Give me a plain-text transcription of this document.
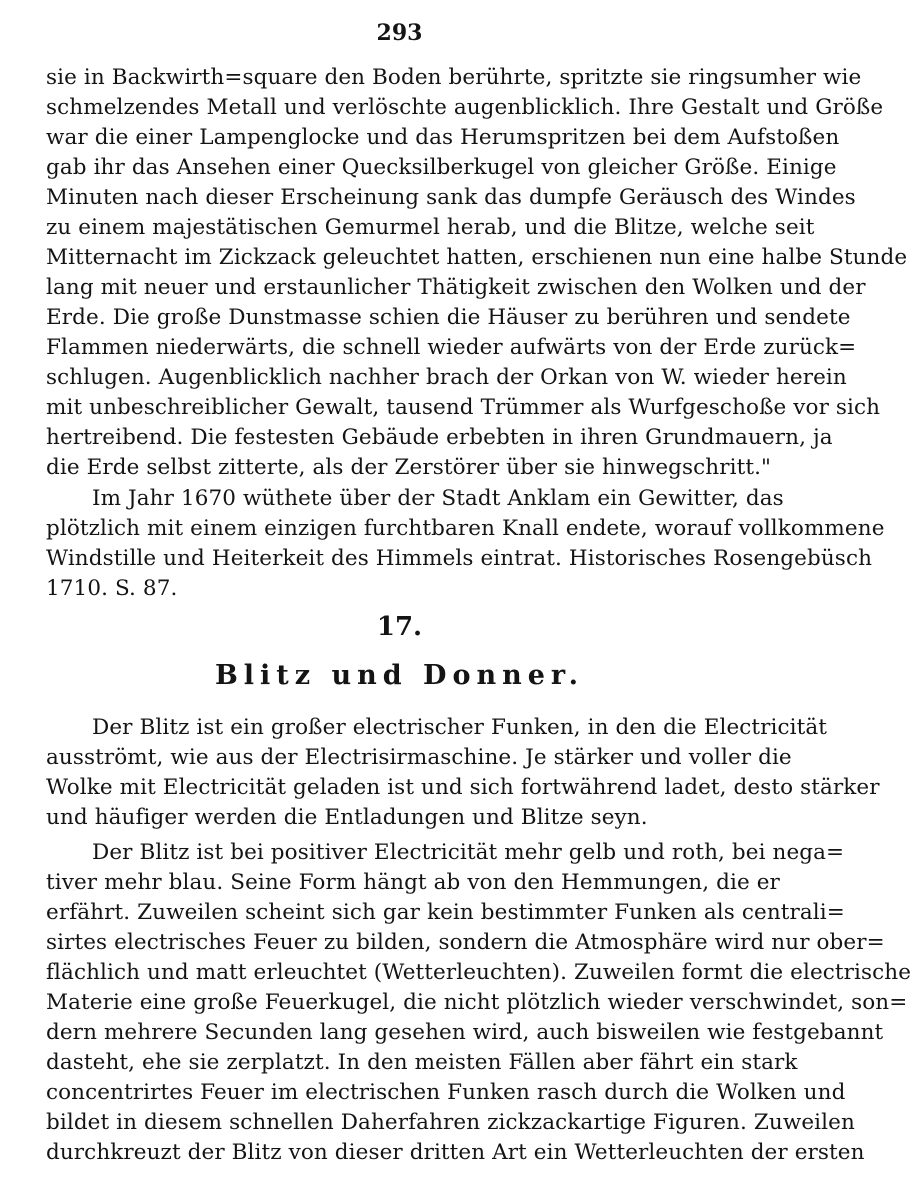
293
sie in Backwirth=square den Boden berührte, spritzte sie ringsumher wie
schmelzendes Metall und verlöschte augenblicklich. Ihre Gestalt und Größe
war die einer Lampenglocke und das Herumspritzen bei dem Aufstoßen
gab ihr das Ansehen einer Quecksilberkugel von gleicher Größe. Einige
Minuten nach dieser Erscheinung sank das dumpfe Geräusch des Windes
zu einem majestätischen Gemurmel herab, und die Blitze, welche seit
Mitternacht im Zickzack geleuchtet hatten, erschienen nun eine halbe Stunde
lang mit neuer und erstaunlicher Thätigkeit zwischen den Wolken und der
Erde. Die große Dunstmasse schien die Häuser zu berühren und sendete
Flammen niederwärts, die schnell wieder aufwärts von der Erde zurück=
schlugen. Augenblicklich nachher brach der Orkan von W. wieder herein
mit unbeschreiblicher Gewalt, tausend Trümmer als Wurfgeschoße vor sich
hertreibend. Die festesten Gebäude erbebten in ihren Grundmauern, ja
die Erde selbst zitterte, als der Zerstörer über sie hinwegschritt."
Im Jahr 1670 wüthete über der Stadt Anklam ein Gewitter, das
plötzlich mit einem einzigen furchtbaren Knall endete, worauf vollkommene
Windstille und Heiterkeit des Himmels eintrat. Historisches Rosengebüsch
1710. S. 87.
17.
Blitz und Donner.
Der Blitz ist ein großer electrischer Funken, in den die Electricität
ausströmt, wie aus der Electrisirmaschine. Je stärker und voller die
Wolke mit Electricität geladen ist und sich fortwährend ladet, desto stärker
und häufiger werden die Entladungen und Blitze seyn.
Der Blitz ist bei positiver Electricität mehr gelb und roth, bei nega=
tiver mehr blau. Seine Form hängt ab von den Hemmungen, die er
erfährt. Zuweilen scheint sich gar kein bestimmter Funken als centrali=
sirtes electrisches Feuer zu bilden, sondern die Atmosphäre wird nur ober=
flächlich und matt erleuchtet (Wetterleuchten). Zuweilen formt die electrische
Materie eine große Feuerkugel, die nicht plötzlich wieder verschwindet, son=
dern mehrere Secunden lang gesehen wird, auch bisweilen wie festgebannt
dasteht, ehe sie zerplatzt. In den meisten Fällen aber fährt ein stark
concentrirtes Feuer im electrischen Funken rasch durch die Wolken und
bildet in diesem schnellen Daherfahren zickzackartige Figuren. Zuweilen
durchkreuzt der Blitz von dieser dritten Art ein Wetterleuchten der ersten
